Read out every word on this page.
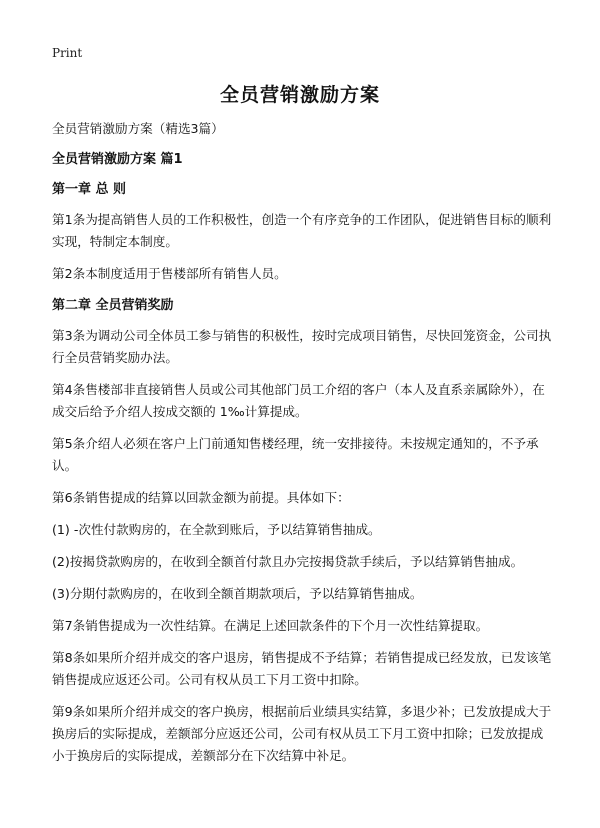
Print
全员营销激励方案

全员营销激励方案（精选3篇）

全员营销激励方案 篇1

第一章 总 则

第1条为提高销售人员的工作积极性，创造一个有序竞争的工作团队，促进销售目标的顺利实现，特制定本制度。

第2条本制度适用于售楼部所有销售人员。

第二章 全员营销奖励

第3条为调动公司全体员工参与销售的积极性，按时完成项目销售，尽快回笼资金，公司执行全员营销奖励办法。

第4条售楼部非直接销售人员或公司其他部门员工介绍的客户（本人及直系亲属除外），在成交后给予介绍人按成交额的 1‰计算提成。

第5条介绍人必须在客户上门前通知售楼经理，统一安排接待。未按规定通知的，不予承认。

第6条销售提成的结算以回款金额为前提。具体如下：

(1) -次性付款购房的，在全款到账后，予以结算销售抽成。

(2)按揭贷款购房的，在收到全额首付款且办完按揭贷款手续后，予以结算销售抽成。

(3)分期付款购房的，在收到全额首期款项后，予以结算销售抽成。

第7条销售提成为一次性结算。在满足上述回款条件的下个月一次性结算提取。

第8条如果所介绍并成交的客户退房，销售提成不予结算；若销售提成已经发放，已发该笔销售提成应返还公司。公司有权从员工下月工资中扣除。

第9条如果所介绍并成交的客户换房，根据前后业绩具实结算，多退少补；已发放提成大于换房后的实际提成，差额部分应返还公司，公司有权从员工下月工资中扣除；已发放提成小于换房后的实际提成，差额部分在下次结算中补足。
